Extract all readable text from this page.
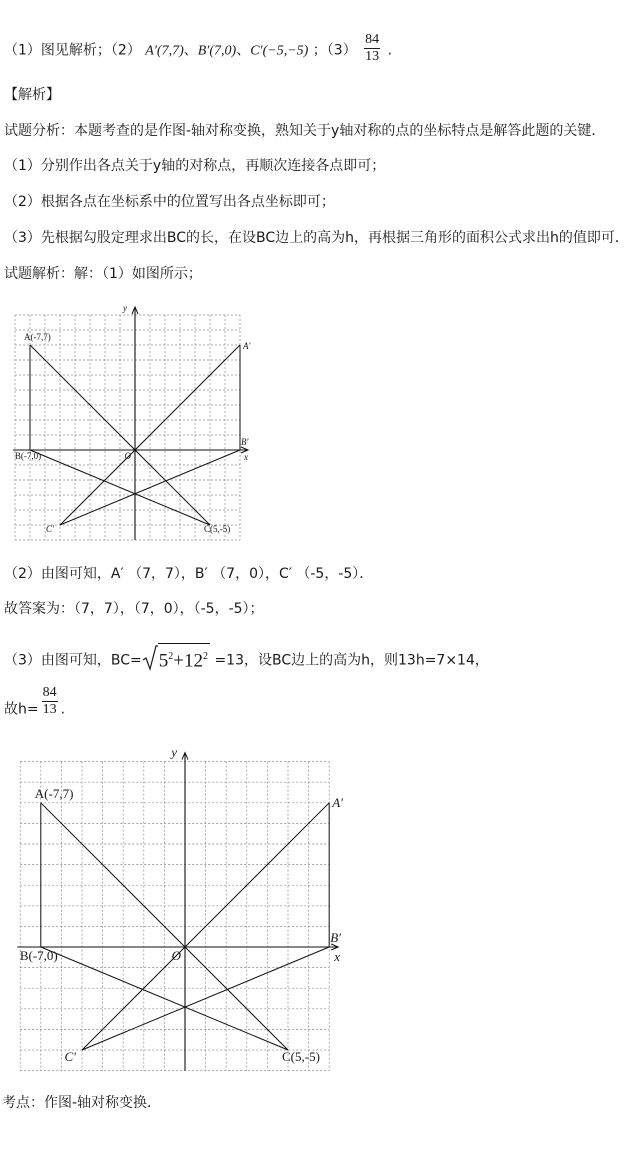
（1）图见解析；（2） A′(7,7)、B′(7,0)、C′(−5,−5) ；$(3) \frac{84}{13}$ .
【解析】
试题分析：本题考查的是作图-轴对称变换，熟知关于y轴对称的点的坐标特点是解答此题的关键．
（1）分别作出各点关于y轴的对称点，再顺次连接各点即可；
（2）根据各点在坐标系中的位置写出各点坐标即可；
（3）先根据勾股定理求出BC的长，在设BC边上的高为h，再根据三角形的面积公式求出h的值即可．
试题解析：解：（1）如图所示；
y
x
O
A(-7,7)
B(-7,0)
C(5,-5)
A′
B′
C′
（2）由图可知，A′ （7，7），B′ （7，0），C′ （-5，-5）．
故答案为：（7，7），（7，0），（-5，-5）；
（3）由图可知，$BC= 5^2+12^2 =13$，设BC边上的高为h，则13h=7×14，
故$h= \frac{84}{13}$ .
y
x
O
A(-7,7)
B(-7,0)
C(5,-5)
A′
B′
C′
考点：作图-轴对称变换．
